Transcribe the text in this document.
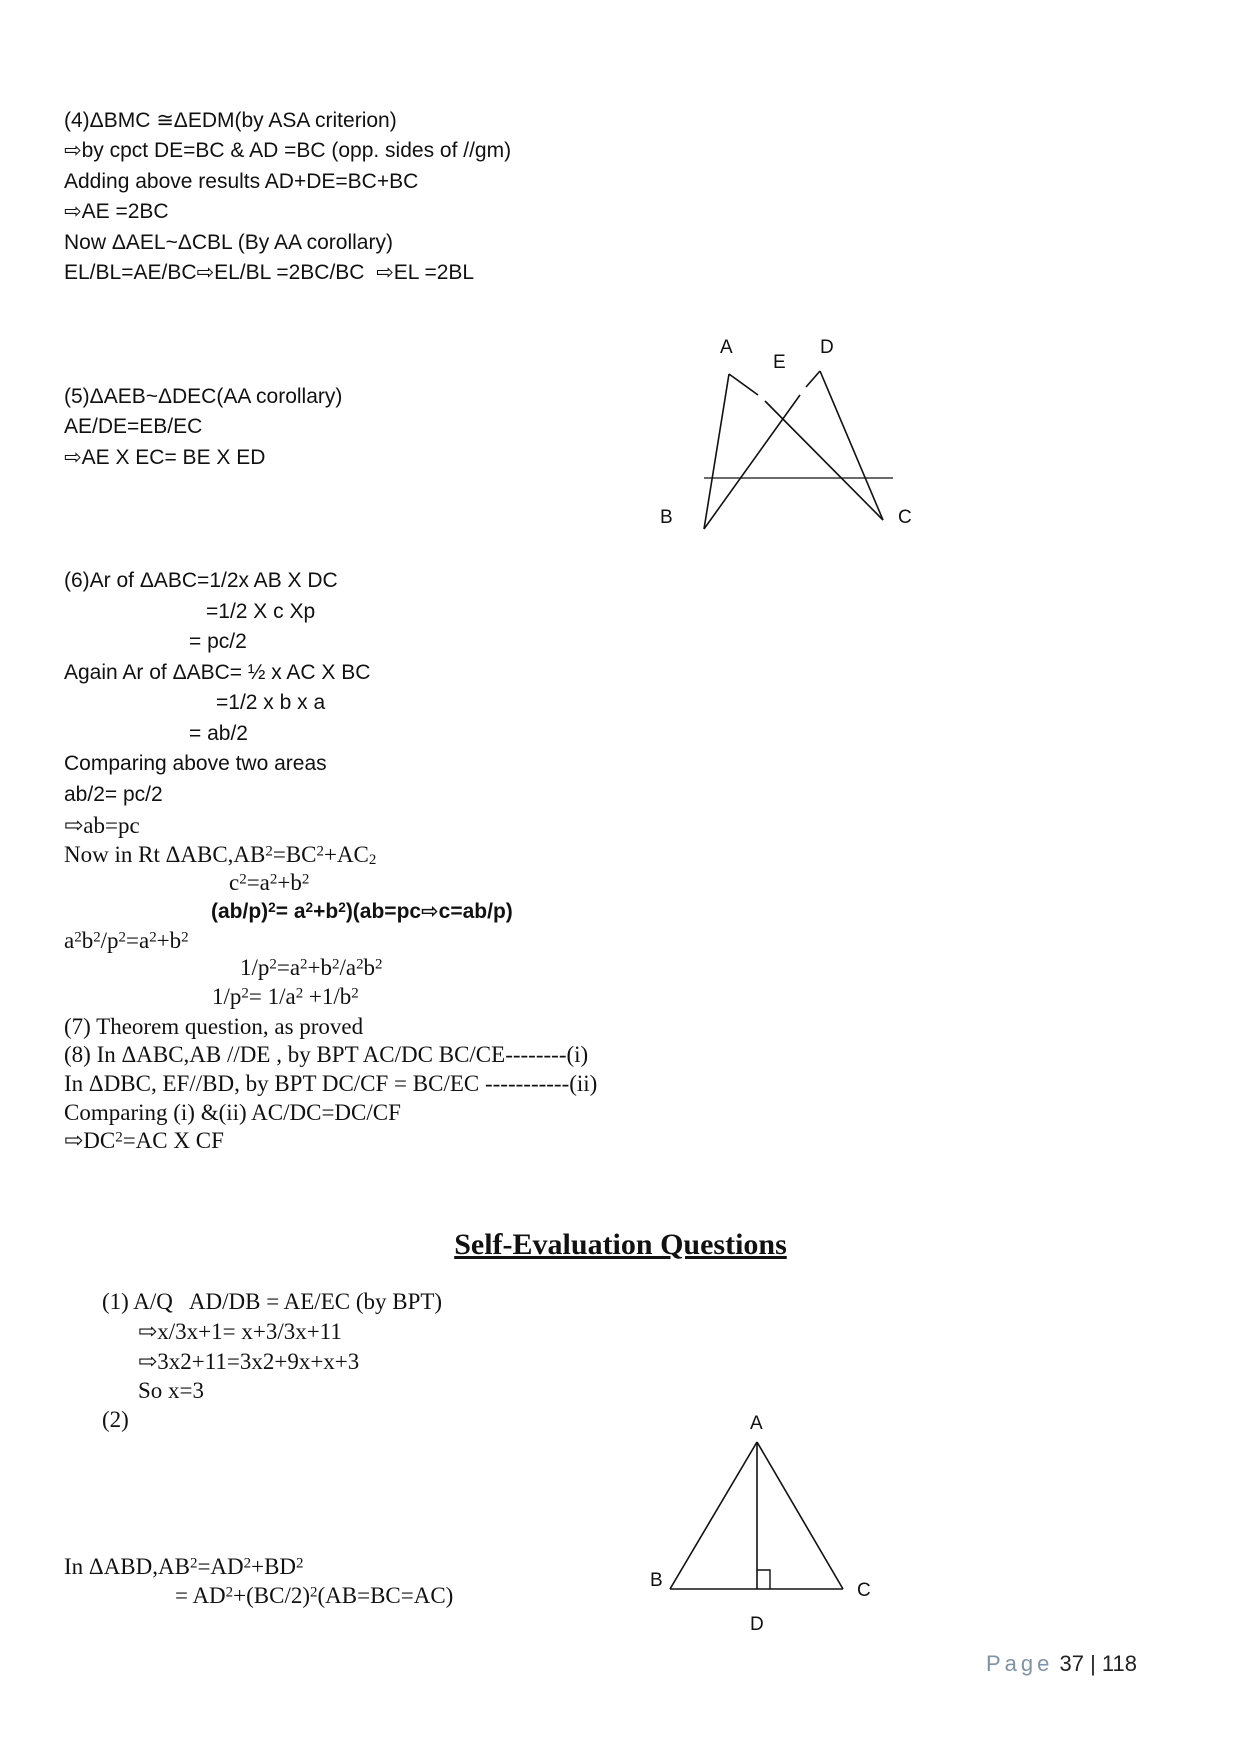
(4)ΔBMC ≅ΔEDM(by ASA criterion)
⇨by cpct DE=BC & AD =BC (opp. sides of //gm)
Adding above results AD+DE=BC+BC
⇨AE =2BC
Now ΔAEL~ΔCBL (By AA corollary)
EL/BL=AE/BC⇨EL/BL =2BC/BC  ⇨EL =2BL
(5)ΔAEB~ΔDEC(AA corollary)
AE/DE=EB/EC
⇨AE X EC= BE X ED
A
E
D
B	C
(6)Ar of ΔABC=1/2x AB X DC
=1/2 X c Xp
= pc/2
Again Ar of ΔABC= ½ x AC X BC
=1/2 x b x a
= ab/2
Comparing above two areas
ab/2= pc/2
⇨ab=pc
Now in Rt $\Delta ABC,AB^2=BC^2+AC_2$
$c^2=a^2+b^2$
$(ab/p)^2=$ $a^2+b^2)(ab=pc⇨c=ab/p)$
$a^2b^2/p^2=a^2+b^2$
$1/p^2=a^2+b^2/a^2b^2$
$1/p^2= 1/a^2 +1/b^2$
(7) Theorem question, as proved
(8) In ΔABC,AB //DE , by BPT AC/DC BC/CE--------(i)
In ΔDBC, EF//BD, by BPT DC/CF = BC/EC -----------(ii)
Comparing (i) &(ii) AC/DC=DC/CF
$⇨DC^2=AC$ X CF
Self-Evaluation Questions
(1) A/Q   AD/DB = AE/EC (by BPT)
⇨x/3x+1= x+3/3x+11
⇨3x2+11=3x2+9x+x+3
So x=3
(2)
In $\Delta ABD,AB^2=AD^2+BD^2$
= $AD^2+(BC/2)^2(AB=BC=AC)$
A
B	C
D
Page 37 | 118
